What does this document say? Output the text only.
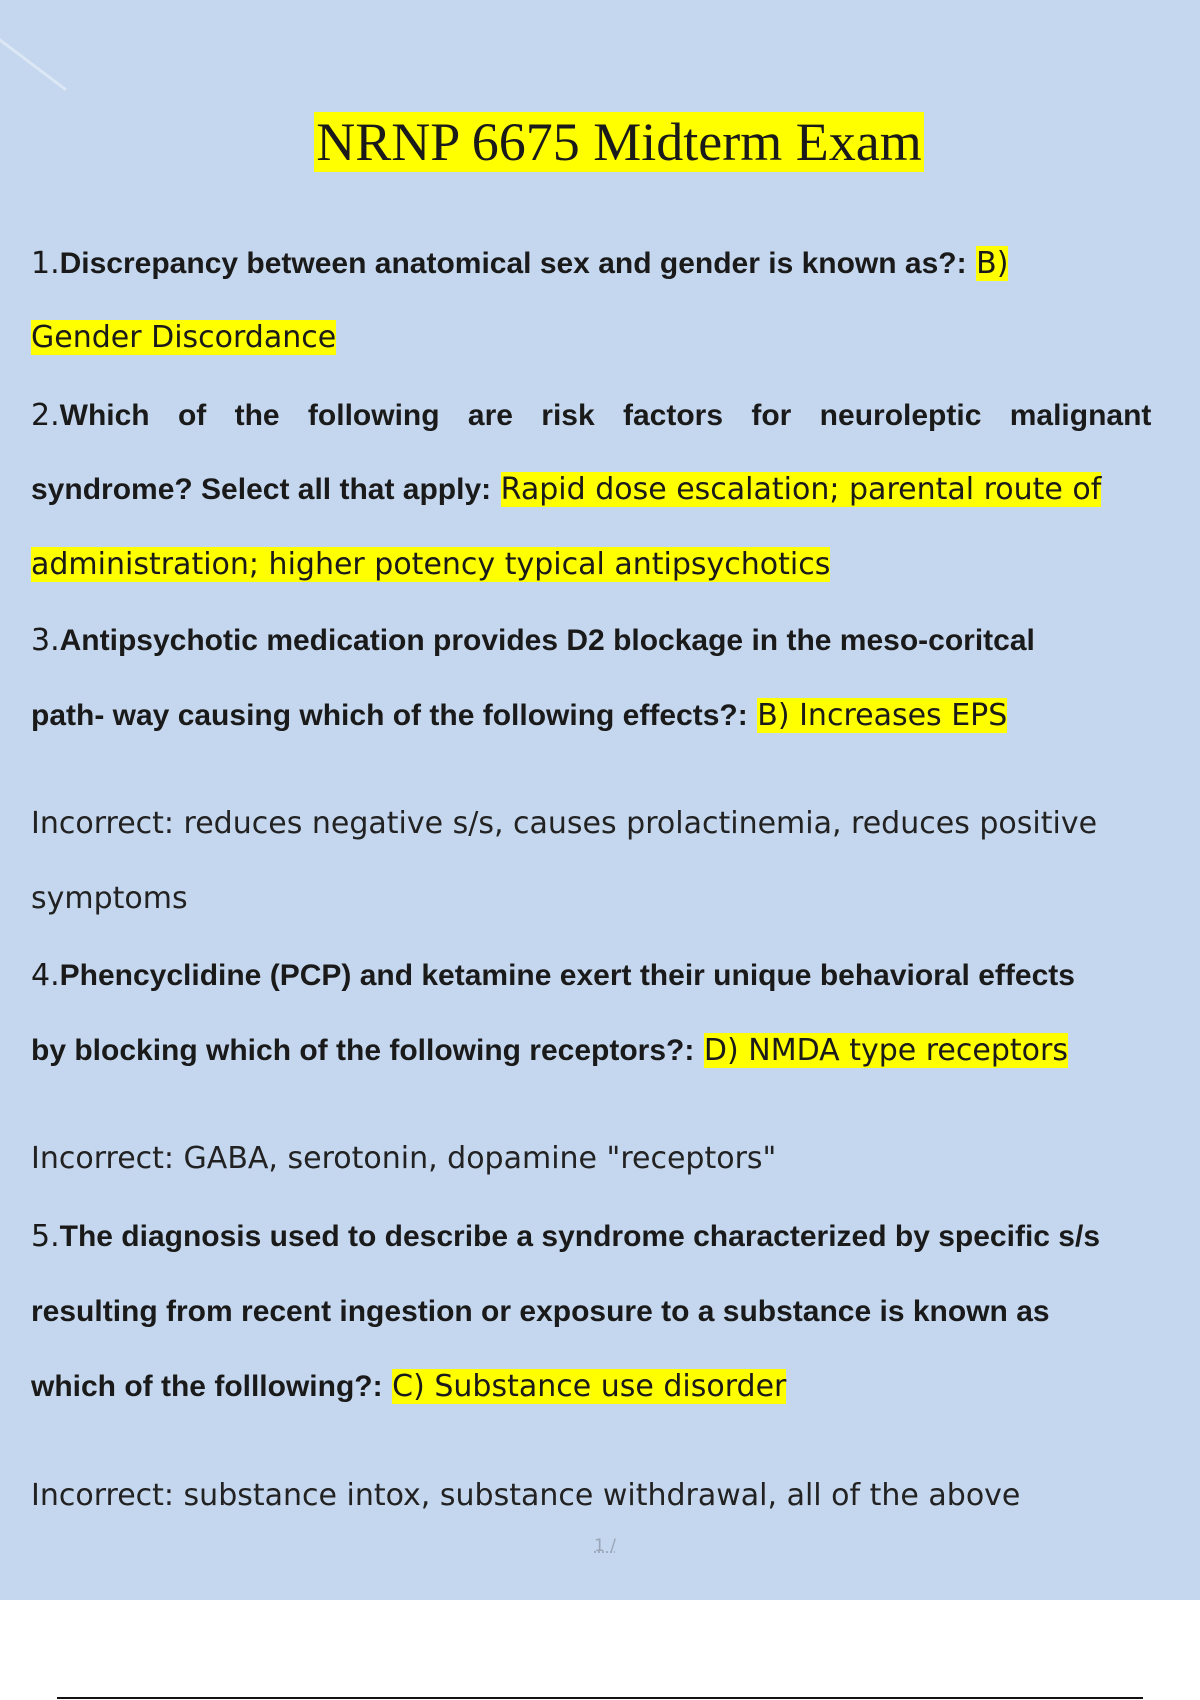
NRNP 6675 Midterm Exam
1.Discrepancy between anatomical sex and gender is known as?: B)
Gender Discordance
2.Which of the following are risk factors for neuroleptic malignant
syndrome? Select all that apply: Rapid dose escalation; parental route of
administration; higher potency typical antipsychotics
3.Antipsychotic medication provides D2 blockage in the meso-coritcal
path- way causing which of the following effects?: B) Increases EPS
Incorrect: reduces negative s/s, causes prolactinemia, reduces positive
symptoms
4.Phencyclidine (PCP) and ketamine exert their unique behavioral effects
by blocking which of the following receptors?: D) NMDA type receptors
Incorrect: GABA, serotonin, dopamine "receptors"
5.The diagnosis used to describe a syndrome characterized by specific s/s
resulting from recent ingestion or exposure to a substance is known as
which of the folllowing?: C) Substance use disorder
Incorrect: substance intox, substance withdrawal, all of the above
1 /
